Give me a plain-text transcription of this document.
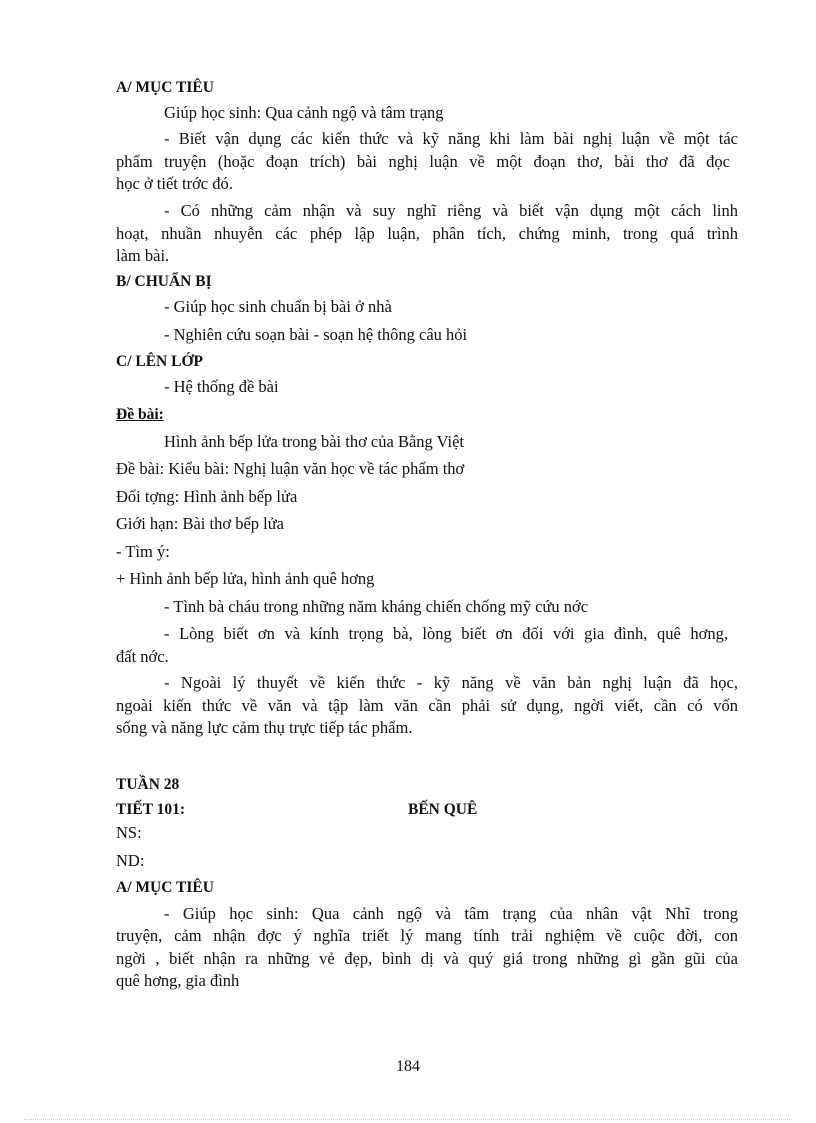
A/ MỤC TIÊU
Giúp học sinh: Qua cảnh ngộ và tâm trạng
- Biết vận dụng các kiến thức và kỹ năng khi làm bài nghị luận về một tác
phẩm truyện (hoặc đoạn trích) bài nghị luận về một đoạn thơ, bài thơ đã đọc
học ở tiết trớc đó.
- Có những cảm nhận và suy nghĩ riêng và biết vận dụng một cách linh
hoạt, nhuần nhuyễn các phép lập luận, phân tích, chứng minh, trong quá trình
làm bài.
B/ CHUẨN BỊ
- Giúp học sinh chuẩn bị bài ở nhà
- Nghiên cứu soạn bài - soạn hệ thông câu hỏi
C/ LÊN LỚP
- Hệ thống đề bài
Đề bài:
Hình ảnh bếp lửa trong bài thơ của Bằng Việt
Đề bài: Kiểu bài: Nghị luận văn học về tác phẩm thơ
Đối tợng: Hình ảnh bếp lửa
Giới hạn: Bài thơ bếp lửa
- Tìm ý:
+ Hình ảnh bếp lửa, hình ảnh quê hơng
- Tình bà cháu trong những năm kháng chiến chống mỹ cứu nớc
- Lòng biết ơn và kính trọng bà, lòng biết ơn đối với gia đình, quê hơng,
đất nớc.
- Ngoài lý thuyết về kiến thức - kỹ năng về văn bản nghị luận đã học,
ngoài kiến thức về văn và tập làm văn cần phải sử dụng, ngời viết, cần có vốn
sống và năng lực cảm thụ trực tiếp tác phẩm.
TUẦN 28
TIẾT 101:	BẾN QUÊ
NS:
ND:
A/ MỤC TIÊU
- Giúp học sinh: Qua cảnh ngộ và tâm trạng của nhân vật Nhĩ trong
truyện, cảm nhận đợc ý nghĩa triết lý mang tính trải nghiệm về cuộc đời, con
ngời , biết nhận ra những vẻ đẹp, bình dị và quý giá trong những gì gần gũi của
quê hơng, gia đình
184
